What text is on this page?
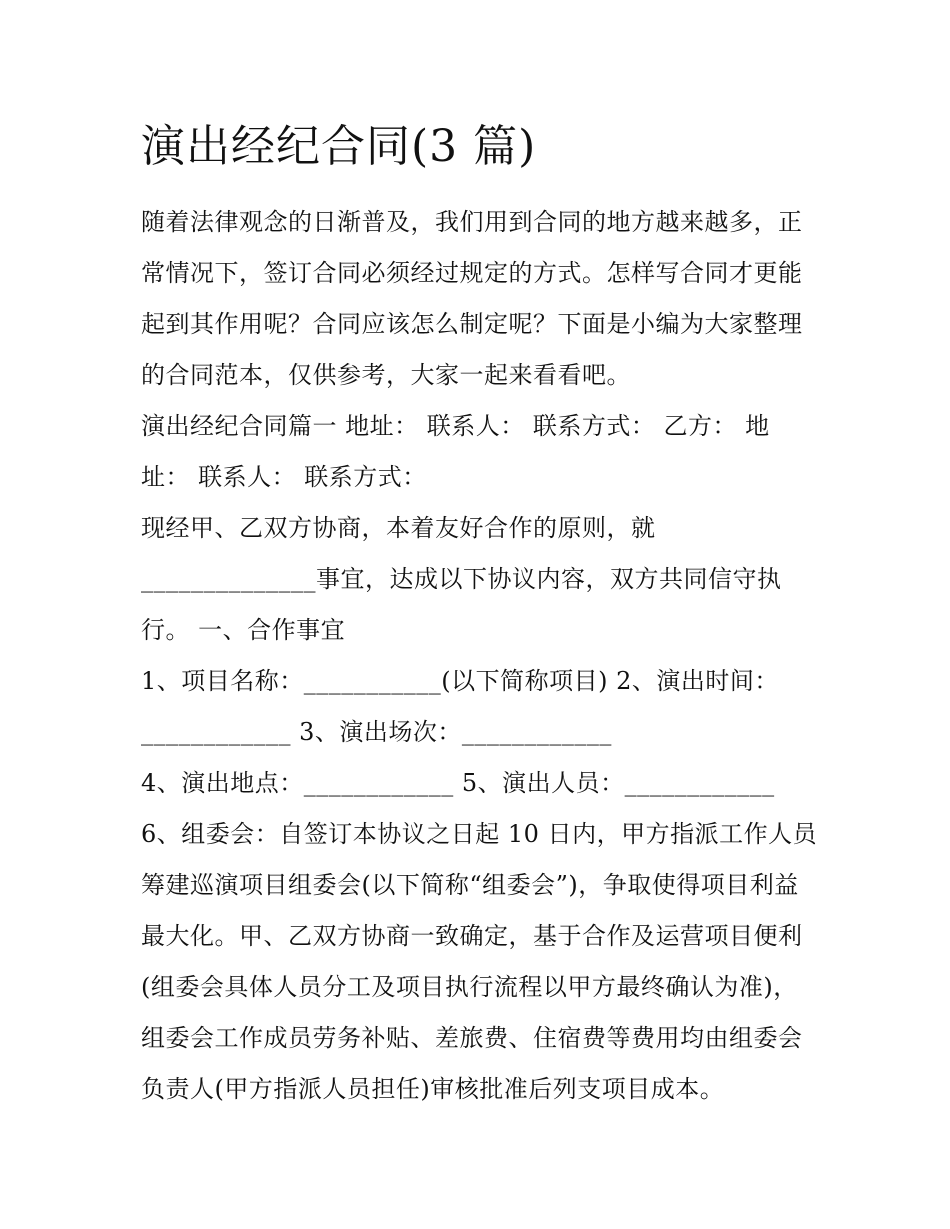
演出经纪合同(3 篇)

随着法律观念的日渐普及，我们用到合同的地方越来越多，正

常情况下，签订合同必须经过规定的方式。怎样写合同才更能

起到其作用呢？合同应该怎么制定呢？下面是小编为大家整理

的合同范本，仅供参考，大家一起来看看吧。

演出经纪合同篇一 地址： 联系人： 联系方式： 乙方： 地

址： 联系人： 联系方式：

现经甲、乙双方协商，本着友好合作的原则，就

______________事宜，达成以下协议内容，双方共同信守执

行。 一、合作事宜

1、项目名称：___________(以下简称项目) 2、演出时间：

____________ 3、演出场次：____________

4、演出地点：____________ 5、演出人员：____________

6、组委会：自签订本协议之日起 10 日内，甲方指派工作人员

筹建巡演项目组委会(以下简称“组委会”)，争取使得项目利益

最大化。甲、乙双方协商一致确定，基于合作及运营项目便利

(组委会具体人员分工及项目执行流程以甲方最终确认为准)，

组委会工作成员劳务补贴、差旅费、住宿费等费用均由组委会

负责人(甲方指派人员担任)审核批准后列支项目成本。
